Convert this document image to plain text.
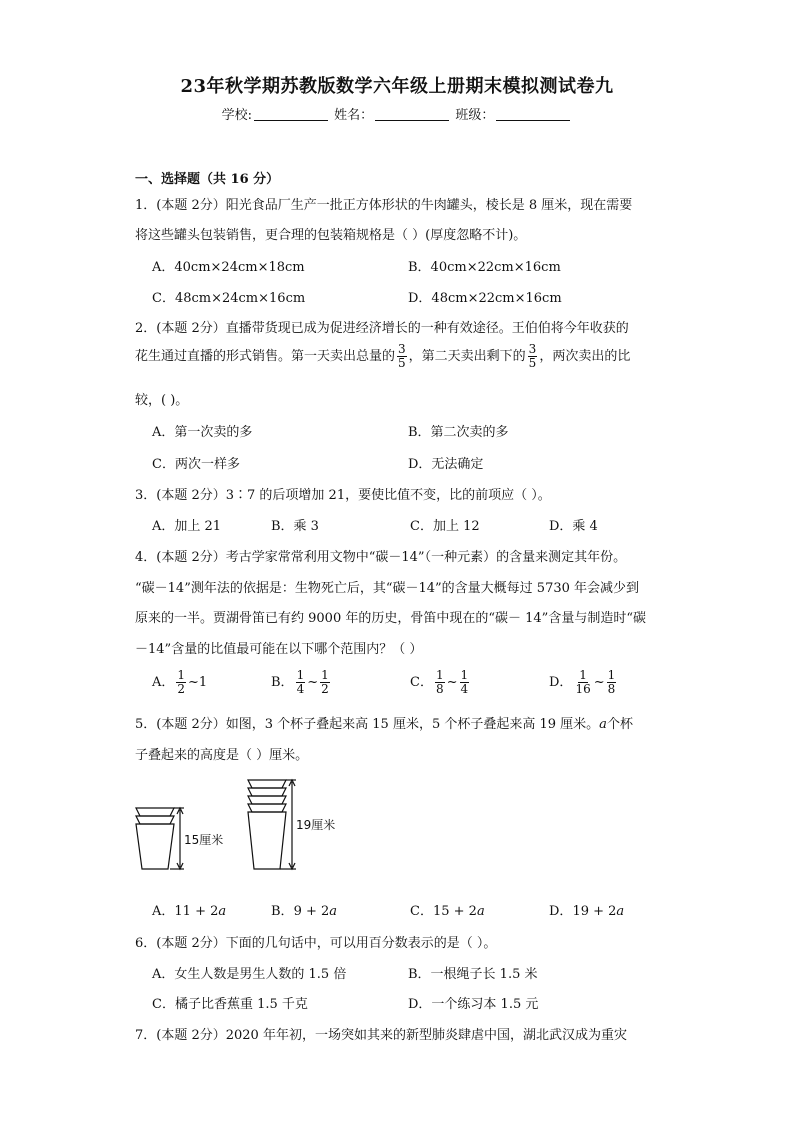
23年秋学期苏教版数学六年级上册期末模拟测试卷九
学校:	姓名：	班级：
一、选择题（共 16 分）
1．(本题 2分）阳光食品厂生产一批正方体形状的牛肉罐头，棱长是 8 厘米，现在需要
将这些罐头包装销售，更合理的包装箱规格是（ ）(厚度忽略不计)。
A．40cm×24cm×18cm	B．40cm×22cm×16cm
C．48cm×24cm×16cm	D．48cm×22cm×16cm
2．(本题 2分）直播带货现已成为促进经济增长的一种有效途径。王伯伯将今年收获的
花生通过直播的形式销售。第一天卖出总量的 $\frac{3}{5}$ ，第二天卖出剩下的 $\frac{3}{5}$ ，两次卖出的比
较，( )。
A．第一次卖的多	B．第二次卖的多
C．两次一样多	D．无法确定
3．(本题 2分）3∶7 的后项增加 21，要使比值不变，比的前项应（ ）。
A．加上 21	B．乘 3	C．加上 12	D．乘 4
4．(本题 2分）考古学家常常利用文物中“碳－14”（一种元素）的含量来测定其年份。
“碳－14”测年法的依据是：生物死亡后，其“碳－14”的含量大概每过 5730 年会减少到
原来的一半。贾湖骨笛已有约 9000 年的历史，骨笛中现在的“碳－ 14”含量与制造时“碳
－14”含量的比值最可能在以下哪个范围内？（ ）
A． $\frac{1}{2}$ ~1	B． $\frac{1}{4}$ ~ $\frac{1}{2}$	C． $\frac{1}{8}$ ~ $\frac{1}{4}$	D． $\frac{1}{16}$ ~ $\frac{1}{8}$
5．(本题 2分）如图，3 个杯子叠起来高 15 厘米，5 个杯子叠起来高 19 厘米。a个杯
子叠起来的高度是（ ）厘米。
15厘米
19厘米
A．11 + 2a	B．9 + 2a	C．15 + 2a	D．19 + 2a
6．(本题 2分）下面的几句话中，可以用百分数表示的是（ ）。
A．女生人数是男生人数的 1.5 倍	B．一根绳子长 1.5 米
C．橘子比香蕉重 1.5 千克	D．一个练习本 1.5 元
7．(本题 2分）2020 年年初，一场突如其来的新型肺炎肆虐中国，湖北武汉成为重灾
